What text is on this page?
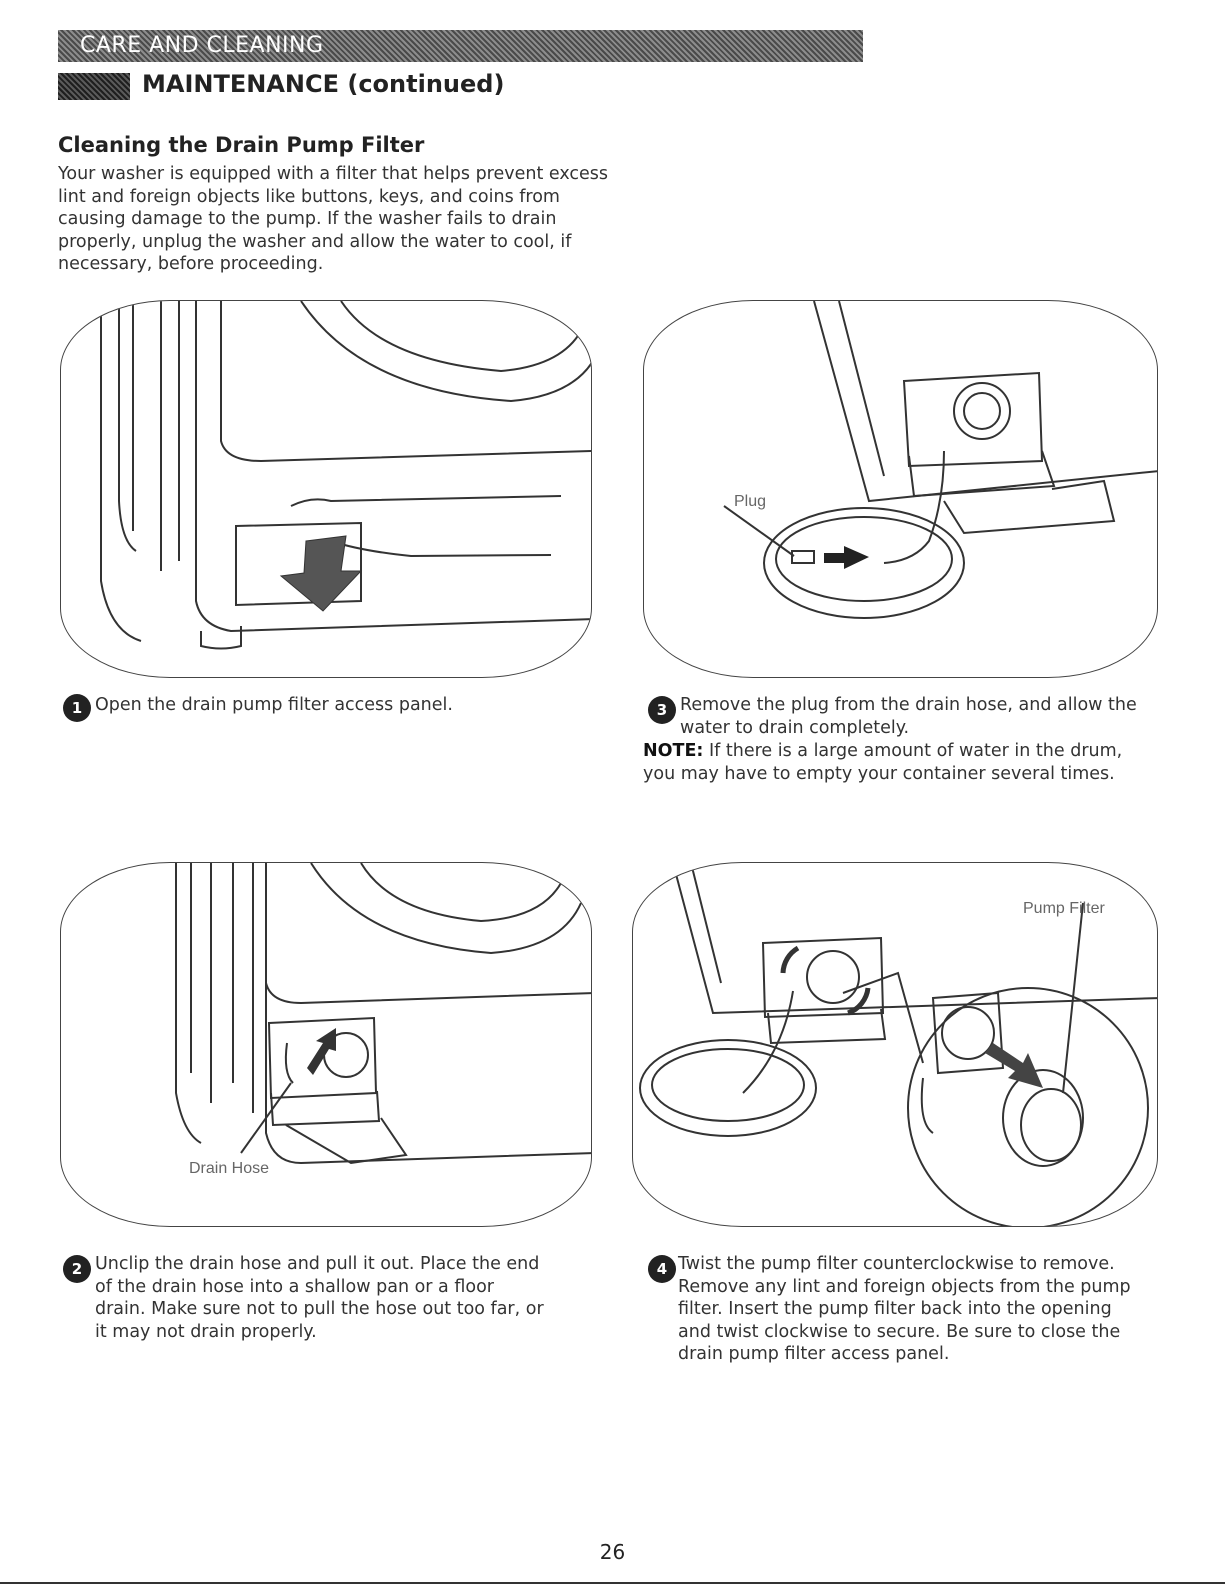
CARE AND CLEANING
MAINTENANCE (continued)
Cleaning the Drain Pump Filter
Your washer is equipped with a filter that helps prevent excess
lint and foreign objects like buttons, keys, and coins from
causing damage to the pump. If the washer fails to drain
properly, unplug the washer and allow the water to cool, if
necessary, before proceeding.
Plug
1 Open the drain pump filter access panel.	3 Remove the plug from the drain hose, and allow the
water to drain completely.
NOTE: If there is a large amount of water in the drum,
you may have to empty your container several times.
Drain Hose
Pump Filter
2 Unclip the drain hose and pull it out. Place the end
of the drain hose into a shallow pan or a floor
drain. Make sure not to pull the hose out too far, or
it may not drain properly.
4 Twist the pump filter counterclockwise to remove.
Remove any lint and foreign objects from the pump
filter. Insert the pump filter back into the opening
and twist clockwise to secure. Be sure to close the
drain pump filter access panel.
26
